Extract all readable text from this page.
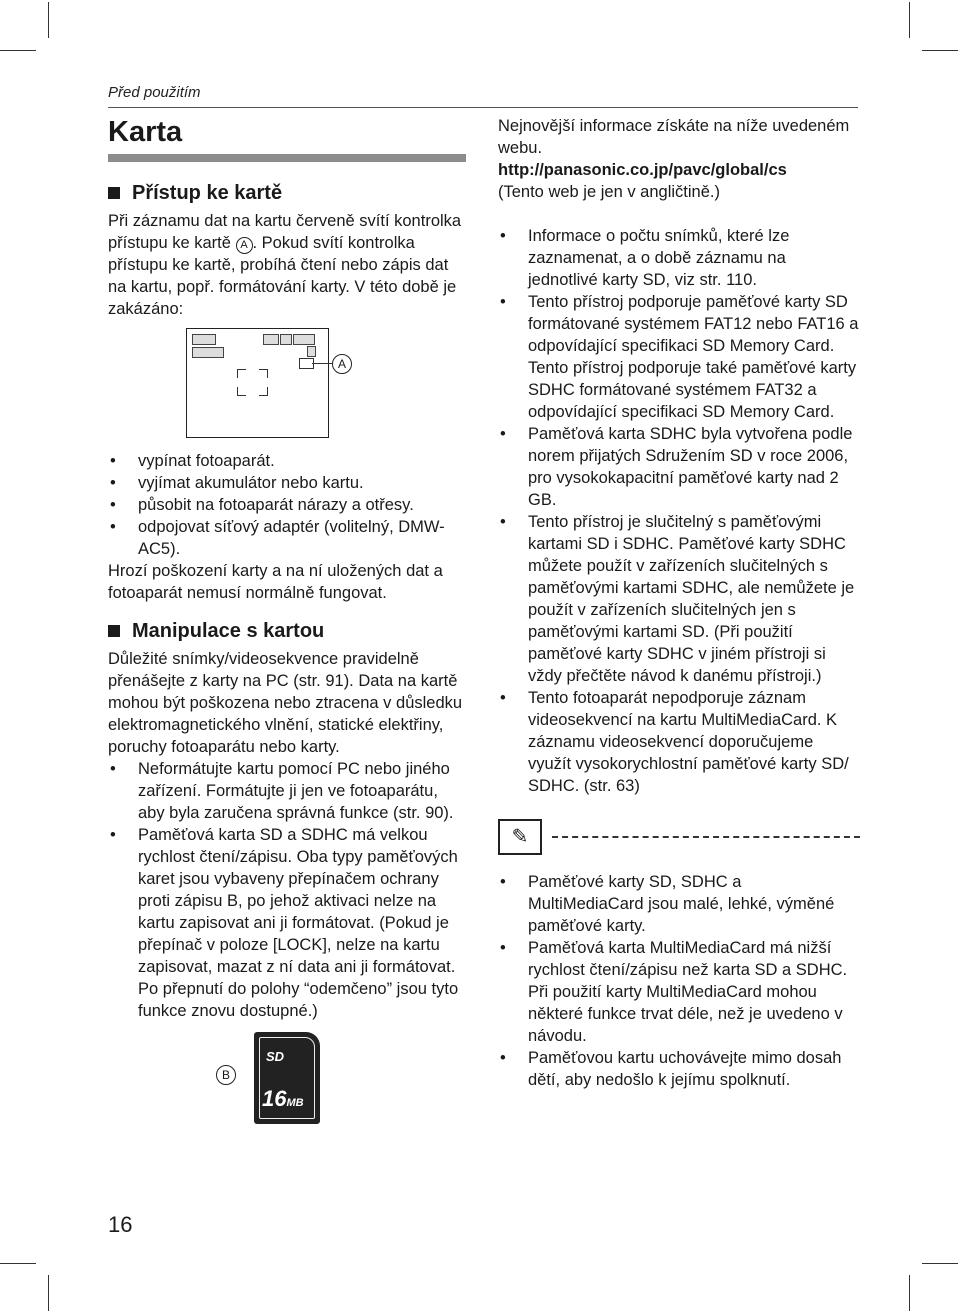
Před použitím
Karta
Přístup ke kartě

Při záznamu dat na kartu červeně svítí kontrolka přístupu ke kartě A . Pokud svítí kontrolka přístupu ke kartě, probíhá čtení nebo zápis dat na kartu, popř. formátování karty. V této době je zakázáno:

A
• vypínat fotoaparát.
• vyjímat akumulátor nebo kartu.
• působit na fotoaparát nárazy a otřesy.
• odpojovat síťový adaptér (volitelný, DMW-AC5).

Hrozí poškození karty a na ní uložených dat a fotoaparát nemusí normálně fungovat.

Manipulace s kartou

Důležité snímky/videosekvence pravidelně přenášejte z karty na PC (str. 91). Data na kartě mohou být poškozena nebo ztracena v důsledku elektromagnetického vlnění, statické elektřiny, poruchy fotoaparátu nebo karty.

• Neformátujte kartu pomocí PC nebo jiného zařízení. Formátujte ji jen ve fotoaparátu, aby byla zaručena správná funkce (str. 90).
• Paměťová karta SD a SDHC má velkou rychlost čtení/zápisu. Oba typy paměťových karet jsou vybaveny přepínačem ochrany proti zápisu B, po jehož aktivaci nelze na kartu zapisovat ani ji formátovat. (Pokud je přepínač v poloze [LOCK], nelze na kartu zapisovat, mazat z ní data ani ji formátovat.
Po přepnutí do polohy “odemčeno” jsou tyto funkce znovu dostupné.)
B
SD
16MB

Nejnovější informace získáte na níže uvedeném webu.

http://panasonic.co.jp/pavc/global/cs

(Tento web je jen v angličtině.)

• Informace o počtu snímků, které lze zaznamenat, a o době záznamu na jednotlivé karty SD, viz str. 110.
• Tento přístroj podporuje paměťové karty SD formátované systémem FAT12 nebo FAT16 a odpovídající specifikaci SD Memory Card. Tento přístroj podporuje také paměťové karty SDHC formátované systémem FAT32 a odpovídající specifikaci SD Memory Card.
• Paměťová karta SDHC byla vytvořena podle norem přijatých Sdružením SD v roce 2006, pro vysokokapacitní paměťové karty nad 2 GB.
• Tento přístroj je slučitelný s paměťovými kartami SD i SDHC. Paměťové karty SDHC můžete použít v zařízeních slučitelných s paměťovými kartami SDHC, ale nemůžete je použít v zařízeních slučitelných jen s paměťovými kartami SD. (Při použití paměťové karty SDHC v jiném přístroji si vždy přečtěte návod k danému přístroji.)
• Tento fotoaparát nepodporuje záznam videosekvencí na kartu MultiMediaCard. K záznamu videosekvencí doporučujeme využít vysokorychlostní paměťové karty SD/ SDHC. (str. 63)
✎
• Paměťové karty SD, SDHC a MultiMediaCard jsou malé, lehké, výměné paměťové karty.
• Paměťová karta MultiMediaCard má nižší rychlost čtení/zápisu než karta SD a SDHC. Při použití karty MultiMediaCard mohou některé funkce trvat déle, než je uvedeno v návodu.
• Paměťovou kartu uchovávejte mimo dosah dětí, aby nedošlo k jejímu spolknutí.
16
